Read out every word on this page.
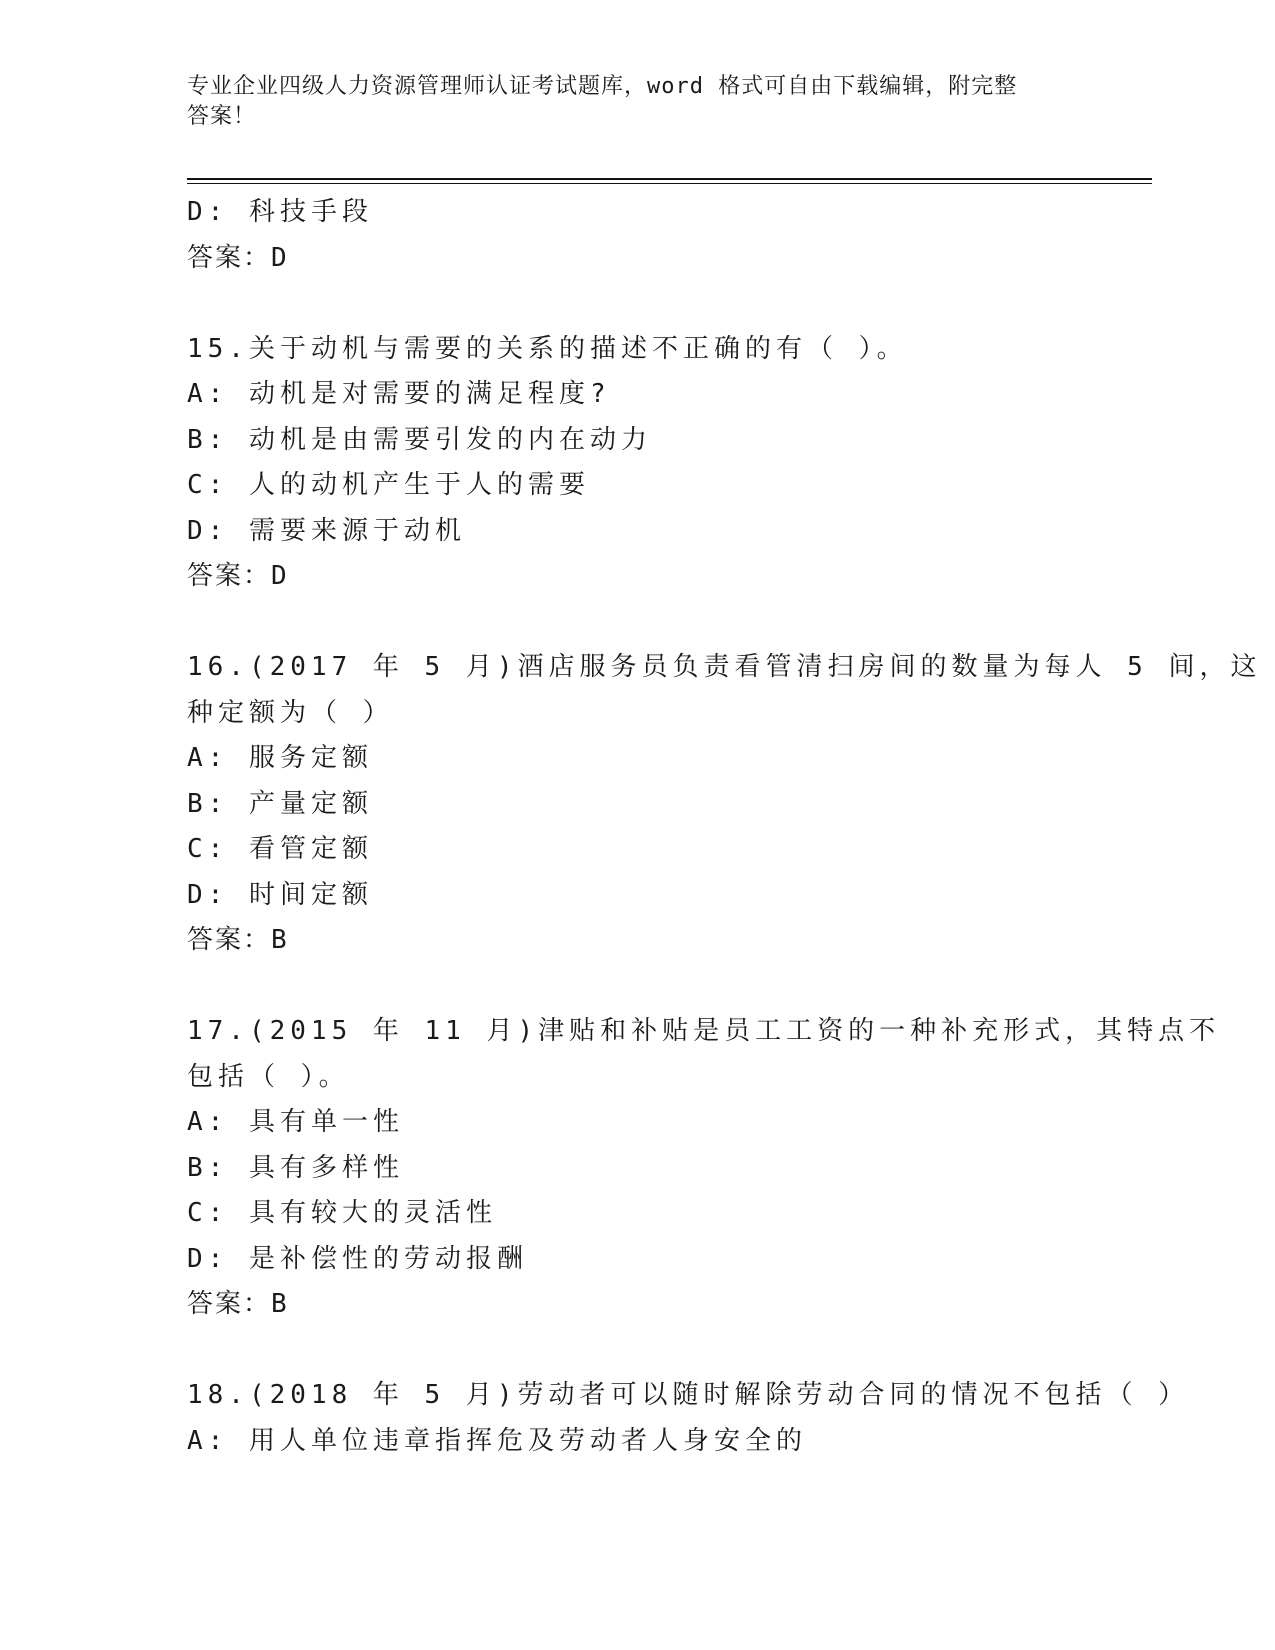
专业企业四级人力资源管理师认证考试题库，word 格式可自由下载编辑，附完整
答案！
D: 科技手段
答案：D
15.关于动机与需要的关系的描述不正确的有（ ）。
A: 动机是对需要的满足程度?
B: 动机是由需要引发的内在动力
C: 人的动机产生于人的需要
D: 需要来源于动机
答案：D
16.(2017 年 5 月)酒店服务员负责看管清扫房间的数量为每人 5 间，这
种定额为（ ）
A: 服务定额
B: 产量定额
C: 看管定额
D: 时间定额
答案：B
17.(2015 年 11 月)津贴和补贴是员工工资的一种补充形式，其特点不
包括（ ）。
A: 具有单一性
B: 具有多样性
C: 具有较大的灵活性
D: 是补偿性的劳动报酬
答案：B
18.(2018 年 5 月)劳动者可以随时解除劳动合同的情况不包括（ ）
A: 用人单位违章指挥危及劳动者人身安全的
